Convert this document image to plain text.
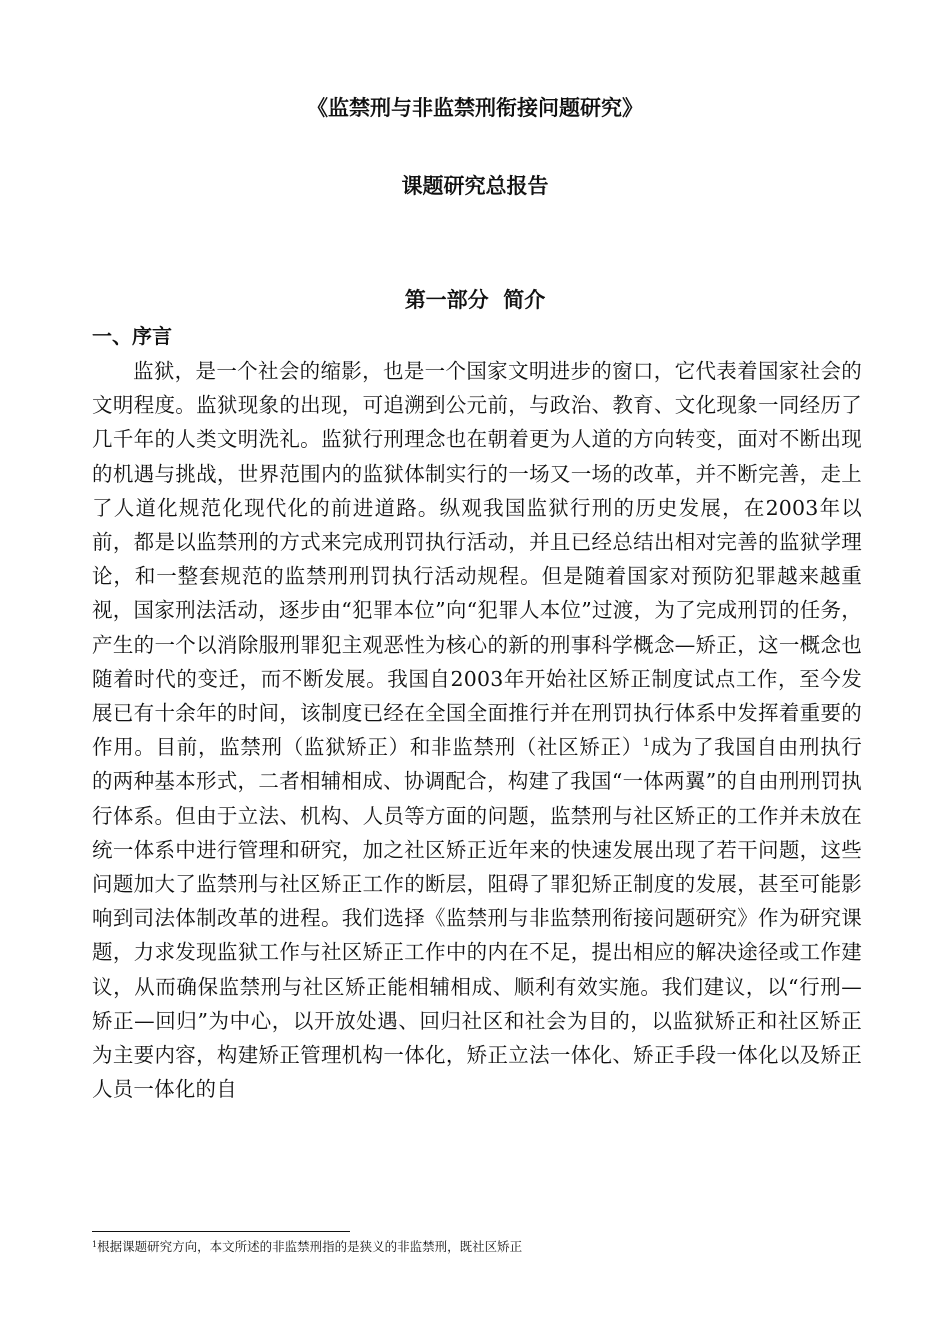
《监禁刑与非监禁刑衔接问题研究》
课题研究总报告
第一部分  简介
一、序言

监狱，是一个社会的缩影，也是一个国家文明进步的窗口，它代表着国家社会的文明程度。监狱现象的出现，可追溯到公元前，与政治、教育、文化现象一同经历了几千年的人类文明洗礼。监狱行刑理念也在朝着更为人道的方向转变，面对不断出现的机遇与挑战，世界范围内的监狱体制实行的一场又一场的改革，并不断完善，走上了人道化规范化现代化的前进道路。纵观我国监狱行刑的历史发展，在2003年以前，都是以监禁刑的方式来完成刑罚执行活动，并且已经总结出相对完善的监狱学理论，和一整套规范的监禁刑刑罚执行活动规程。但是随着国家对预防犯罪越来越重视，国家刑法活动，逐步由“犯罪本位”向“犯罪人本位”过渡，为了完成刑罚的任务，产生的一个以消除服刑罪犯主观恶性为核心的新的刑事科学概念—矫正，这一概念也随着时代的变迁，而不断发展。我国自2003年开始社区矫正制度试点工作，至今发展已有十余年的时间，该制度已经在全国全面推行并在刑罚执行体系中发挥着重要的作用。目前，监禁刑（监狱矫正）和非监禁刑（社区矫正）$^1$成为了我国自由刑执行的两种基本形式，二者相辅相成、协调配合，构建了我国“一体两翼”的自由刑刑罚执行体系。但由于立法、机构、人员等方面的问题，监禁刑与社区矫正的工作并未放在统一体系中进行管理和研究，加之社区矫正近年来的快速发展出现了若干问题，这些问题加大了监禁刑与社区矫正工作的断层，阻碍了罪犯矫正制度的发展，甚至可能影响到司法体制改革的进程。我们选择《监禁刑与非监禁刑衔接问题研究》作为研究课题，力求发现监狱工作与社区矫正工作中的内在不足，提出相应的解决途径或工作建议，从而确保监禁刑与社区矫正能相辅相成、顺利有效实施。我们建议，以“行刑—矫正—回归”为中心，以开放处遇、回归社区和社会为目的，以监狱矫正和社区矫正为主要内容，构建矫正管理机构一体化，矫正立法一体化、矫正手段一体化以及矫正人员一体化的自

$^1$根据课题研究方向，本文所述的非监禁刑指的是狭义的非监禁刑，既社区矫正
